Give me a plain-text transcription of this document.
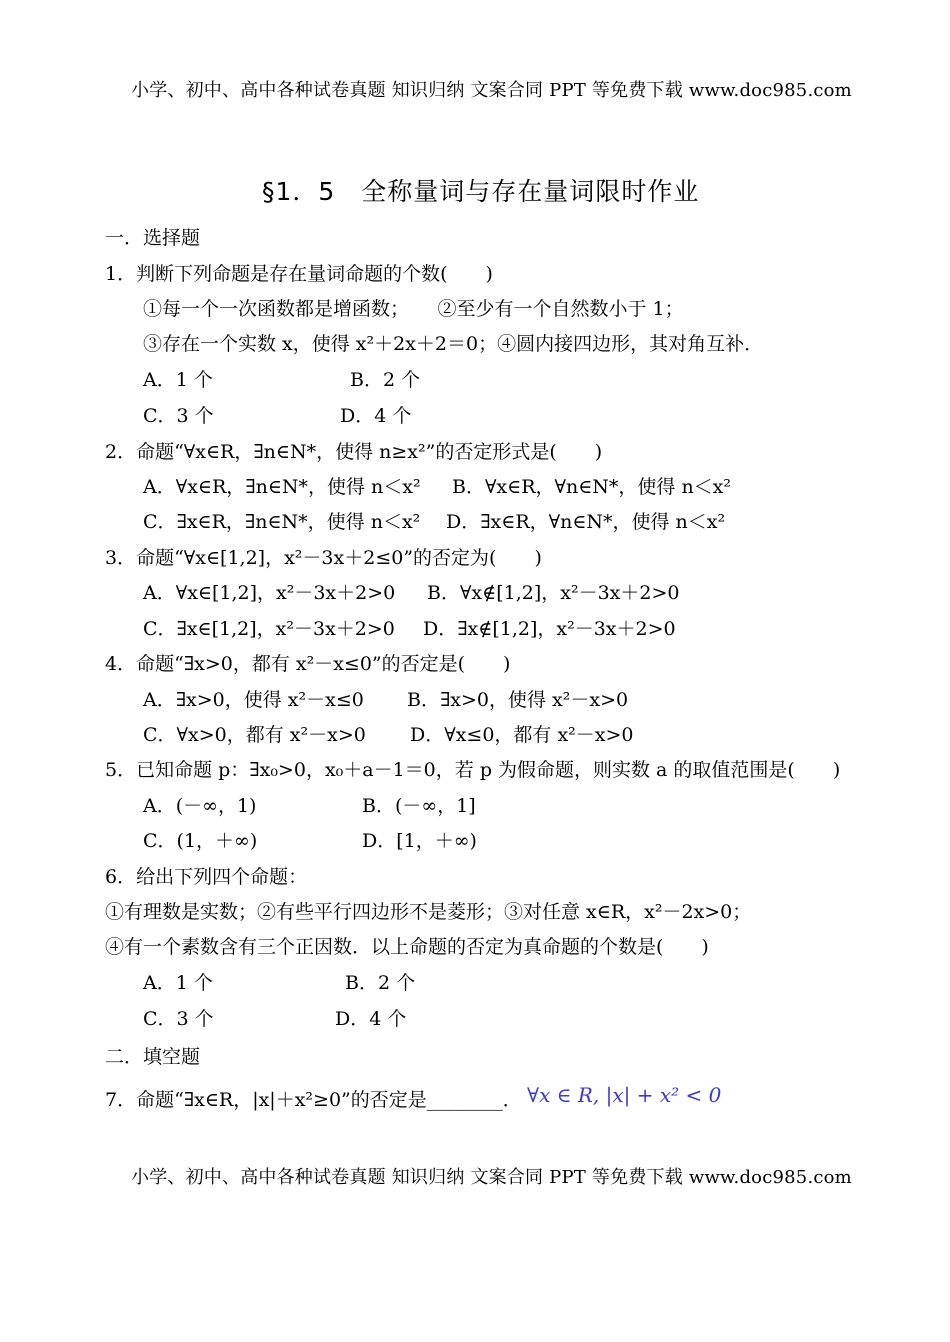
小学、初中、高中各种试卷真题 知识归纳 文案合同 PPT 等免费下载 www.doc985.com
§1．5　全称量词与存在量词限时作业
一．选择题
1．判断下列命题是存在量词命题的个数(　　)
①每一个一次函数都是增函数；　　②至少有一个自然数小于 1；
③存在一个实数 x，使得 x²＋2x＋2＝0；④圆内接四边形，其对角互补．
A．1 个	B．2 个
C．3 个	D．4 个
2．命题“∀x∈R，∃n∈N*，使得 n≥x²”的否定形式是(　　)
A．∀x∈R，∃n∈N*，使得 n＜x² B．∀x∈R，∀n∈N*，使得 n＜x²
C．∃x∈R，∃n∈N*，使得 n＜x² D．∃x∈R，∀n∈N*，使得 n＜x²
3．命题“∀x∈[1,2]，x²－3x＋2≤0”的否定为(　　)
A．∀x∈[1,2]，x²－3x＋2>0 B．∀x∉[1,2]，x²－3x＋2>0
C．∃x∈[1,2]，x²－3x＋2>0 D．∃x∉[1,2]，x²－3x＋2>0
4．命题“∃x>0，都有 x²－x≤0”的否定是(　　)
A．∃x>0，使得 x²－x≤0 B．∃x>0，使得 x²－x>0
C．∀x>0，都有 x²－x>0 D．∀x≤0，都有 x²－x>0
5．已知命题 p：∃x₀>0，x₀＋a－1＝0，若 p 为假命题，则实数 a 的取值范围是(　　)
A．(－∞，1)	B．(－∞，1]
C．(1，＋∞)	D．[1，＋∞)
6．给出下列四个命题：
①有理数是实数；②有些平行四边形不是菱形；③对任意 x∈R，x²－2x>0；
④有一个素数含有三个正因数．以上命题的否定为真命题的个数是(　　)
A．1 个	B．2 个
C．3 个	D．4 个
二．填空题
7．命题“∃x∈R，|x|＋x²≥0”的否定是________． ∀x ∈ R, |x| + x² < 0
小学、初中、高中各种试卷真题 知识归纳 文案合同 PPT 等免费下载 www.doc985.com
